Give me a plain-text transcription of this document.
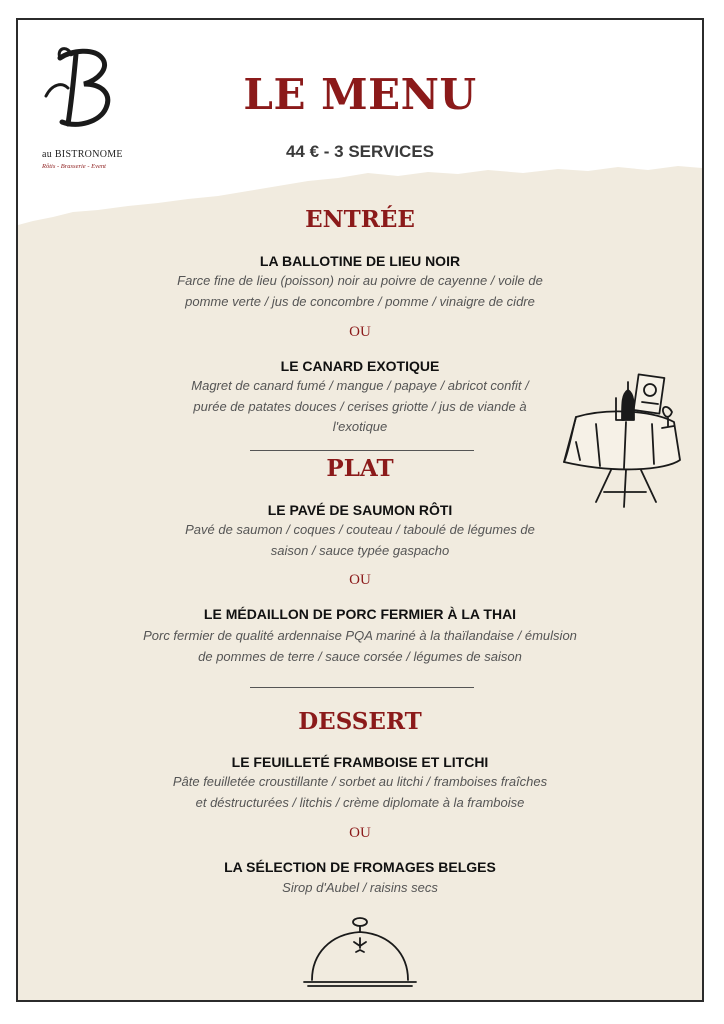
au BISTRONOME
Rôtis - Brasserie - Event
LE MENU
44 € - 3 SERVICES
ENTRÉE
LA BALLOTINE DE LIEU NOIR
Farce fine de lieu (poisson) noir au poivre de cayenne / voile de
pomme verte / jus de concombre / pomme / vinaigre de cidre
OU
LE CANARD EXOTIQUE
Magret de canard fumé / mangue / papaye / abricot confit /
purée de patates douces / cerises griotte / jus de viande à
l'exotique
PLAT
LE PAVÉ DE SAUMON RÔTI
Pavé de saumon / coques / couteau / taboulé de légumes de
saison / sauce typée gaspacho
OU
LE MÉDAILLON DE PORC FERMIER À LA THAI
Porc fermier de qualité ardennaise PQA mariné à la thaïlandaise / émulsion
de pommes de terre / sauce corsée / légumes de saison
DESSERT
LE FEUILLETÉ FRAMBOISE ET LITCHI
Pâte feuilletée croustillante / sorbet au litchi / framboises fraîches
et déstructurées / litchis / crème diplomate à la framboise
OU
LA SÉLECTION DE FROMAGES BELGES
Sirop d'Aubel / raisins secs
